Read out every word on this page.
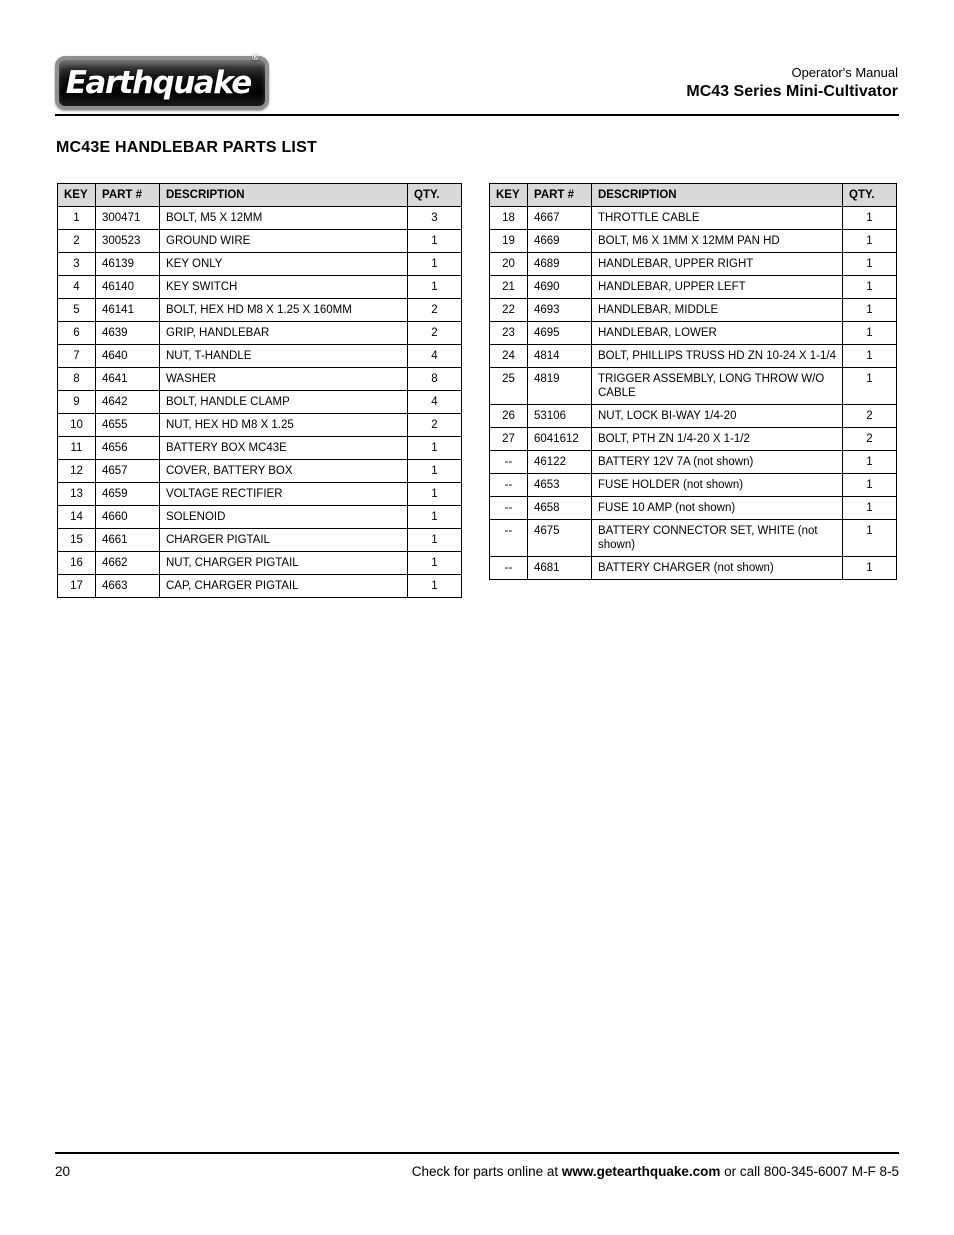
Earthquake®
Operator's Manual
MC43 Series Mini-Cultivator
MC43E HANDLEBAR PARTS LIST
KEY	PART #	DESCRIPTION	QTY.
1	300471	BOLT, M5 X 12MM	3
2	300523	GROUND WIRE	1
3	46139	KEY ONLY	1
4	46140	KEY SWITCH	1
5	46141	BOLT, HEX HD M8 X 1.25 X 160MM	2
6	4639	GRIP, HANDLEBAR	2
7	4640	NUT, T-HANDLE	4
8	4641	WASHER	8
9	4642	BOLT, HANDLE CLAMP	4
10	4655	NUT, HEX HD M8 X 1.25	2
11	4656	BATTERY BOX MC43E	1
12	4657	COVER, BATTERY BOX	1
13	4659	VOLTAGE RECTIFIER	1
14	4660	SOLENOID	1
15	4661	CHARGER PIGTAIL	1
16	4662	NUT, CHARGER PIGTAIL	1
17	4663	CAP, CHARGER PIGTAIL	1
KEY	PART #	DESCRIPTION	QTY.
18	4667	THROTTLE CABLE	1
19	4669	BOLT, M6 X 1MM X 12MM PAN HD	1
20	4689	HANDLEBAR, UPPER RIGHT	1
21	4690	HANDLEBAR, UPPER LEFT	1
22	4693	HANDLEBAR, MIDDLE	1
23	4695	HANDLEBAR, LOWER	1
24	4814	BOLT, PHILLIPS TRUSS HD ZN 10-24 X 1-1/4	1
25	4819	TRIGGER ASSEMBLY, LONG THROW W/O CABLE	1
26	53106	NUT, LOCK BI-WAY 1/4-20	2
27	6041612	BOLT, PTH ZN 1/4-20 X 1-1/2	2
--	46122	BATTERY 12V 7A (not shown)	1
--	4653	FUSE HOLDER (not shown)	1
--	4658	FUSE 10 AMP (not shown)	1
--	4675	BATTERY CONNECTOR SET, WHITE (not shown)	1
--	4681	BATTERY CHARGER (not shown)	1
20	Check for parts online at www.getearthquake.com or call 800-345-6007 M-F 8-5
